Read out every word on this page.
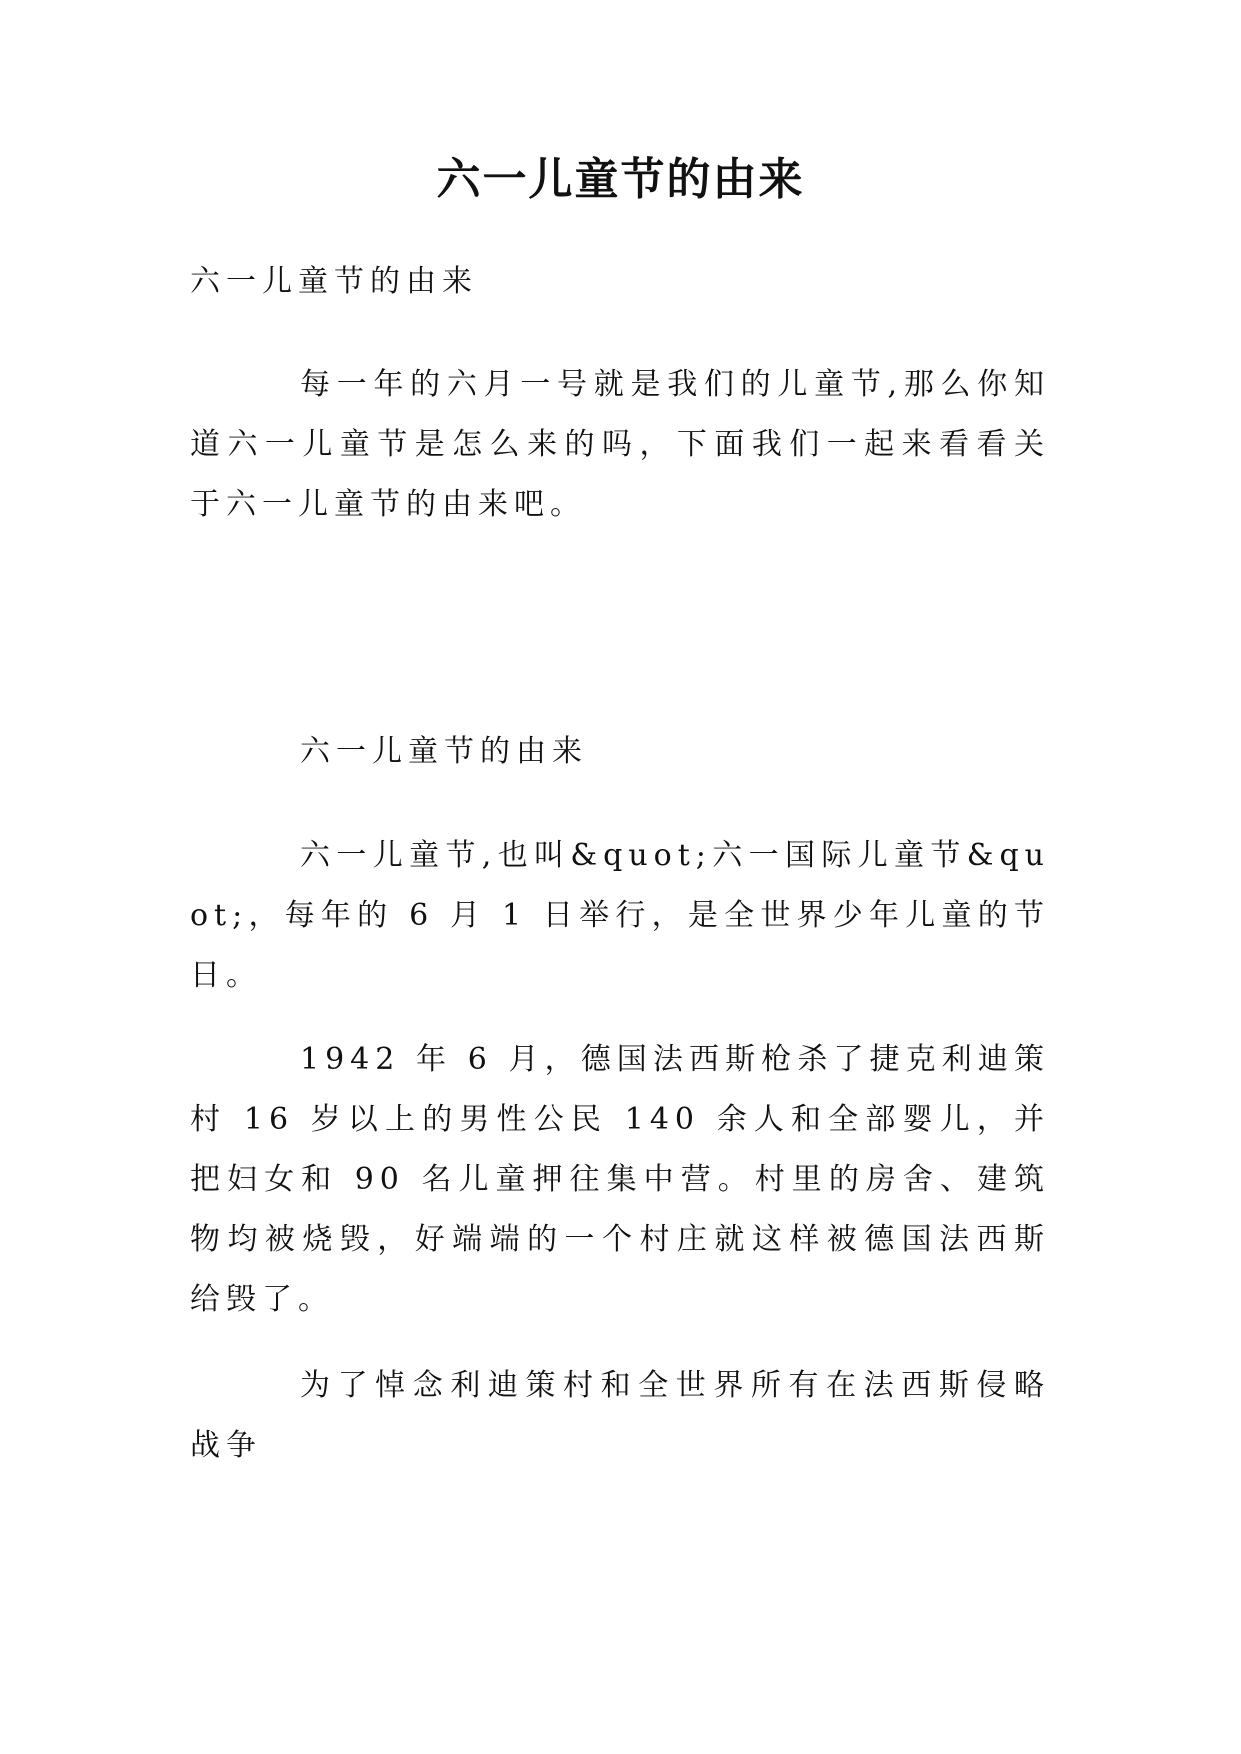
六一儿童节的由来

六一儿童节的由来

每一年的六月一号就是我们的儿童节,那么你知道六一儿童节是怎么来的吗，下面我们一起来看看关于六一儿童节的由来吧。

六一儿童节的由来

六一儿童节,也叫&quot;六一国际儿童节&quot;，每年的 6 月 1 日举行，是全世界少年儿童的节日。

1942 年 6 月，德国法西斯枪杀了捷克利迪策村 16 岁以上的男性公民 140 余人和全部婴儿，并把妇女和 90 名儿童押往集中营。村里的房舍、建筑物均被烧毁，好端端的一个村庄就这样被德国法西斯给毁了。

为了悼念利迪策村和全世界所有在法西斯侵略战争
